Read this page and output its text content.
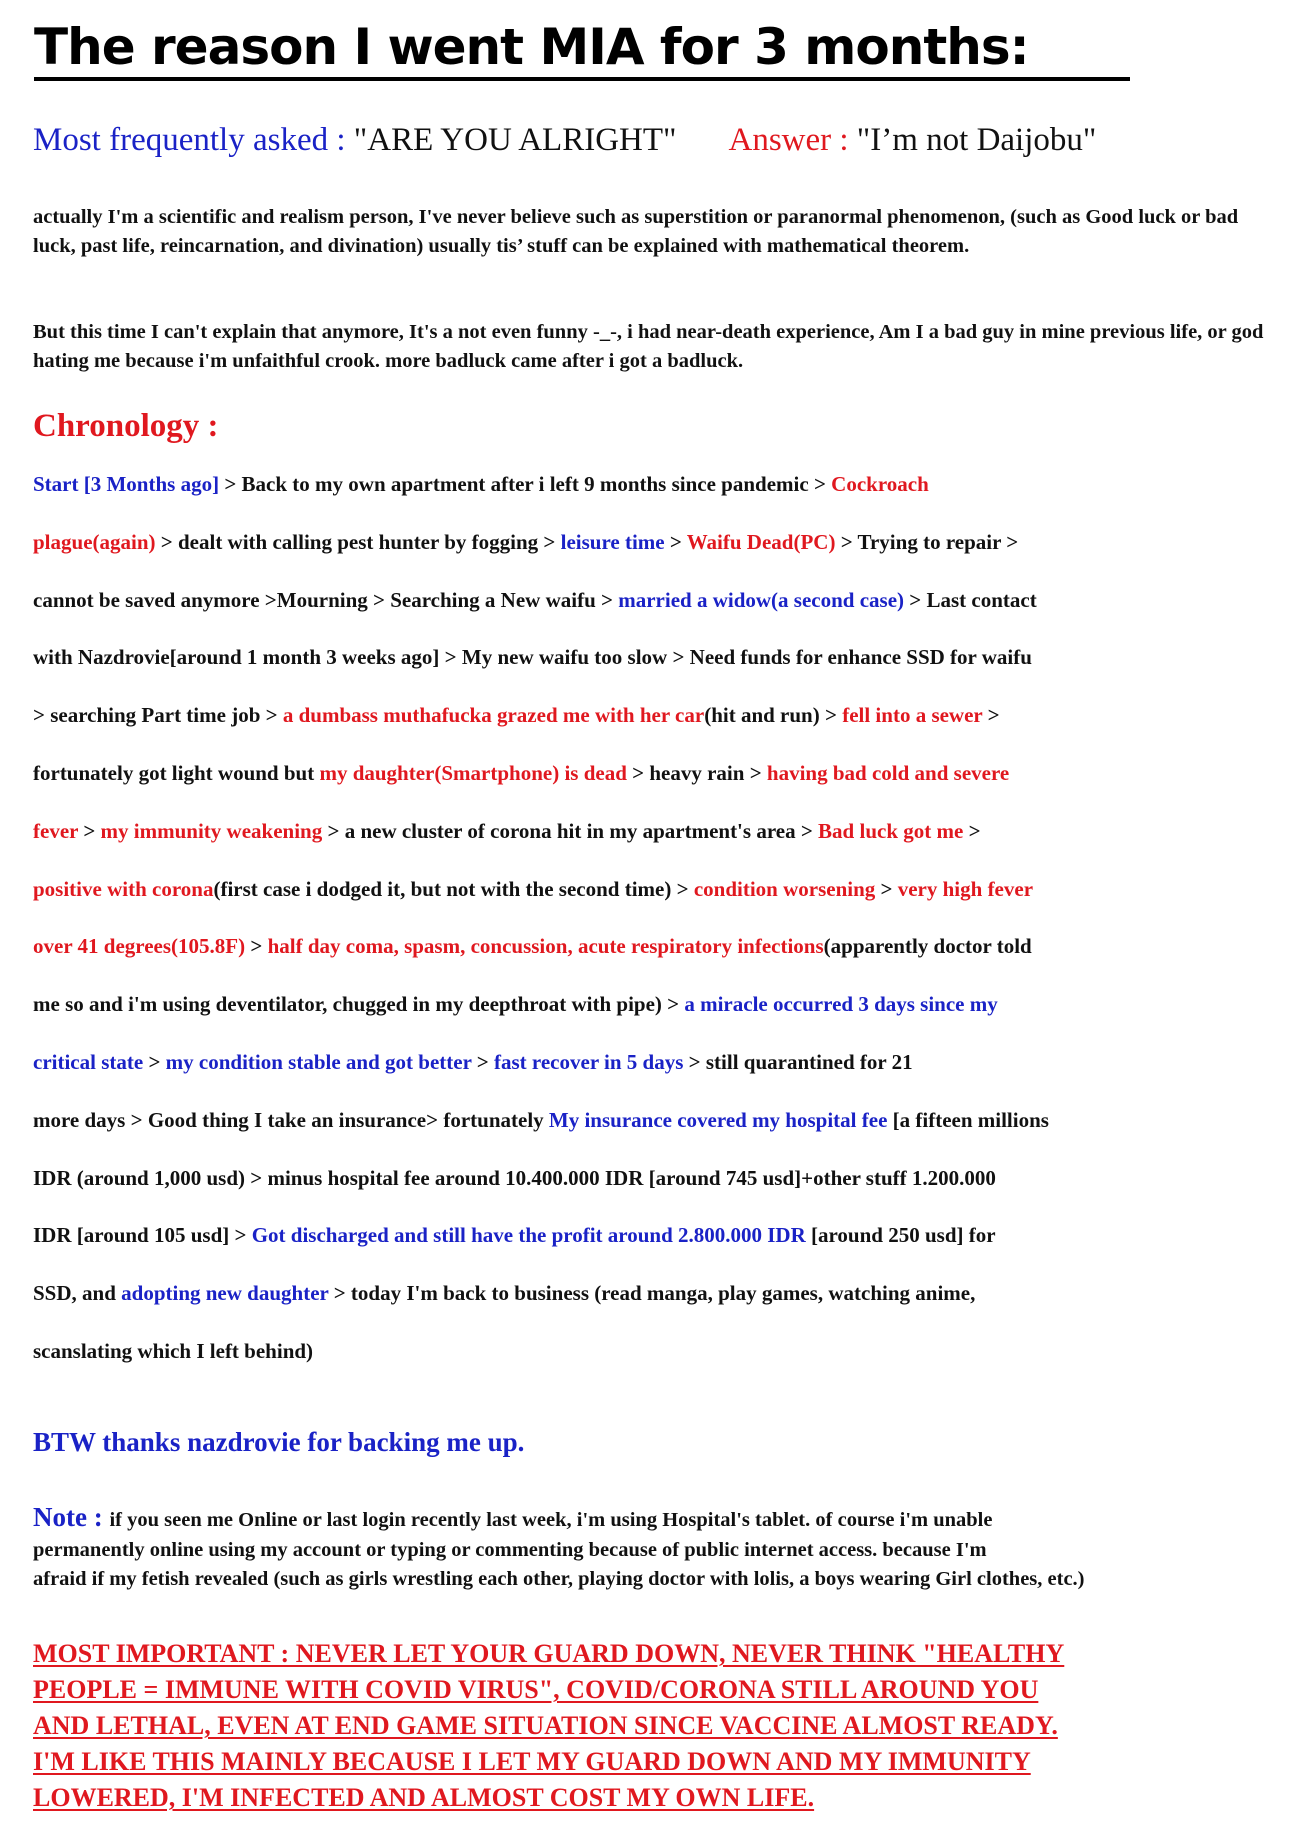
The reason I went MIA for 3 months:
Most frequently asked : "ARE YOU ALRIGHT" Answer : "I’m not Daijobu"

actually I'm a scientific and realism person, I've never believe such as superstition or paranormal phenomenon, (such as Good luck or bad luck, past life, reincarnation, and divination) usually tis’ stuff can be explained with mathematical theorem.

But this time I can't explain that anymore, It's a not even funny -_-, i had near-death experience, Am I a bad guy in mine previous life, or god hating me because i'm unfaithful crook. more badluck came after i got a badluck.

Chronology :
Start [3 Months ago] > Back to my own apartment after i left 9 months since pandemic > Cockroach
plague(again) > dealt with calling pest hunter by fogging > leisure time > Waifu Dead(PC) > Trying to repair >
cannot be saved anymore >Mourning > Searching a New waifu > married a widow(a second case) > Last contact
with Nazdrovie[around 1 month 3 weeks ago] > My new waifu too slow > Need funds for enhance SSD for waifu
> searching Part time job > a dumbass muthafucka grazed me with her car(hit and run) > fell into a sewer >
fortunately got light wound but my daughter(Smartphone) is dead > heavy rain > having bad cold and severe
fever > my immunity weakening > a new cluster of corona hit in my apartment's area > Bad luck got me >
positive with corona(first case i dodged it, but not with the second time) > condition worsening > very high fever
over 41 degrees(105.8F) > half day coma, spasm, concussion, acute respiratory infections(apparently doctor told
me so and i'm using deventilator, chugged in my deepthroat with pipe) > a miracle occurred 3 days since my
critical state > my condition stable and got better > fast recover in 5 days > still quarantined for 21
more days > Good thing I take an insurance> fortunately My insurance covered my hospital fee [a fifteen millions
IDR (around 1,000 usd) > minus hospital fee around 10.400.000 IDR [around 745 usd]+other stuff 1.200.000
IDR [around 105 usd] > Got discharged and still have the profit around 2.800.000 IDR [around 250 usd] for
SSD, and adopting new daughter > today I'm back to business (read manga, play games, watching anime,
scanslating which I left behind)
BTW thanks nazdrovie for backing me up.
Note : if you seen me Online or last login recently last week, i'm using Hospital's tablet. of course i'm unable
permanently online using my account or typing or commenting because of public internet access. because I'm
afraid if my fetish revealed (such as girls wrestling each other, playing doctor with lolis, a boys wearing Girl clothes, etc.)
MOST IMPORTANT : NEVER LET YOUR GUARD DOWN, NEVER THINK "HEALTHY
PEOPLE = IMMUNE WITH COVID VIRUS", COVID/CORONA STILL AROUND YOU
AND LETHAL, EVEN AT END GAME SITUATION SINCE VACCINE ALMOST READY.
I'M LIKE THIS MAINLY BECAUSE I LET MY GUARD DOWN AND MY IMMUNITY
LOWERED, I'M INFECTED AND ALMOST COST MY OWN LIFE.
